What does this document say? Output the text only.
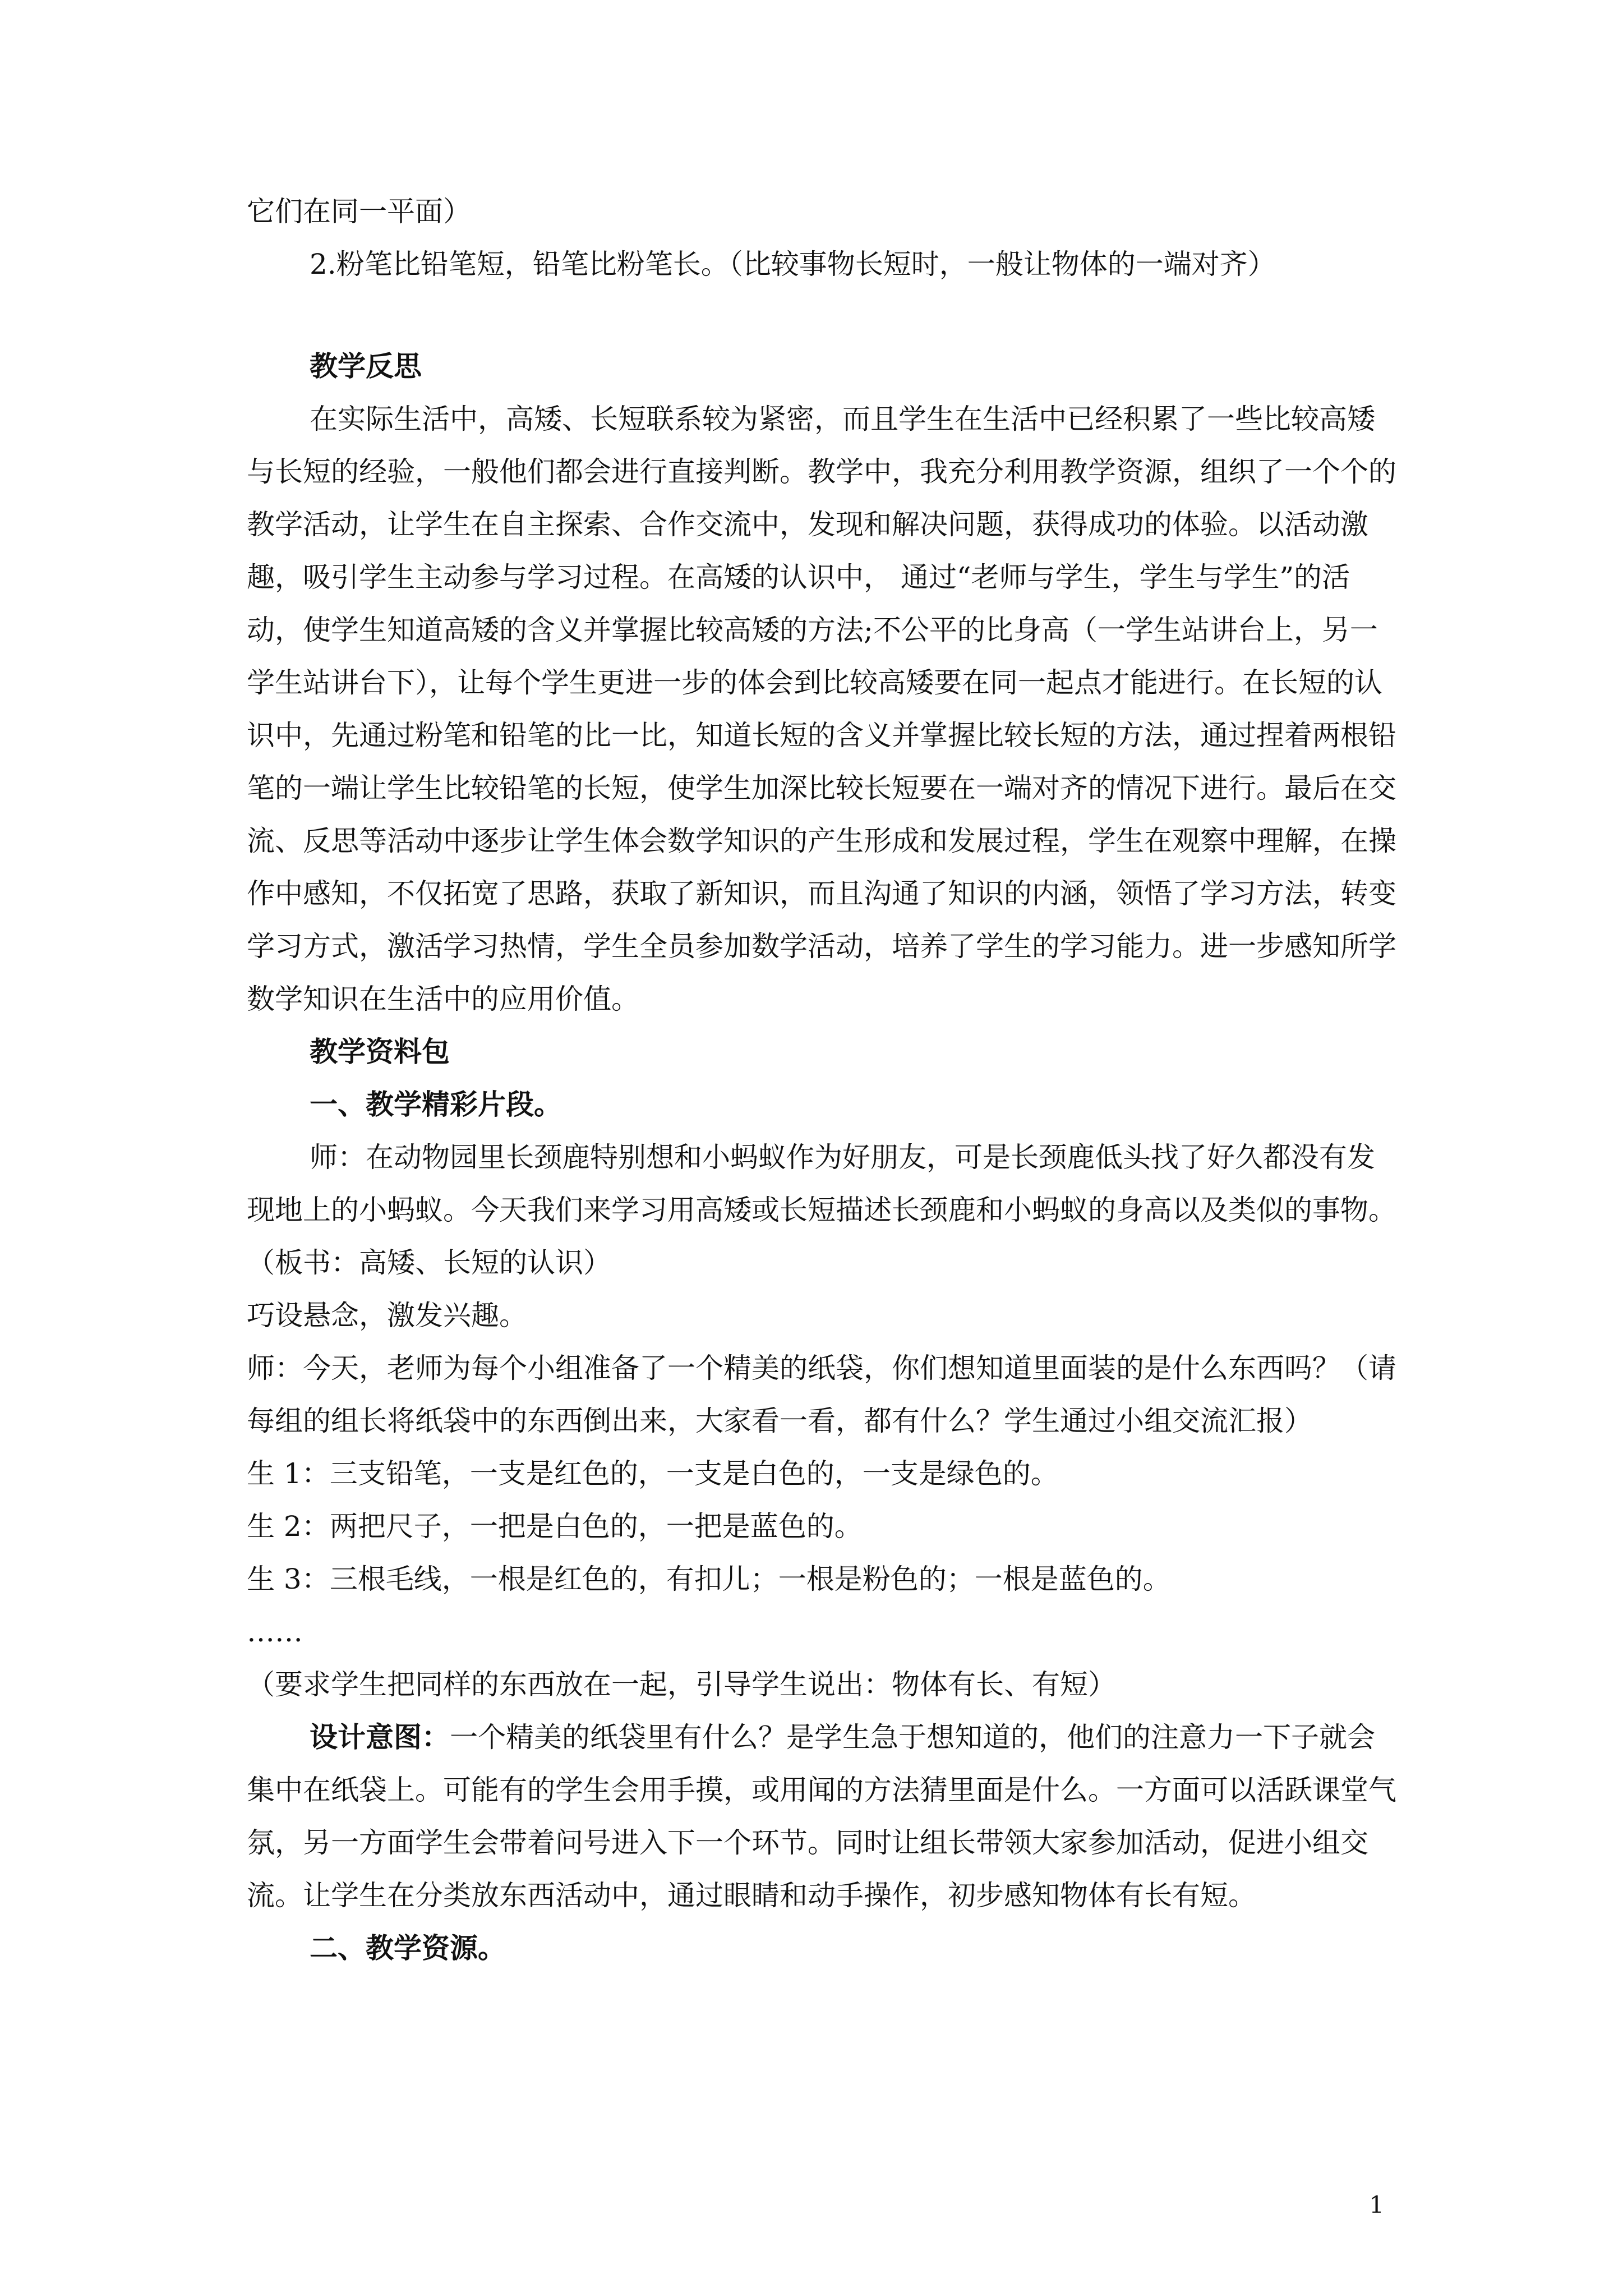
它们在同一平面）

2.粉笔比铅笔短，铅笔比粉笔长。（比较事物长短时，一般让物体的一端对齐）

教学反思

在实际生活中，高矮、长短联系较为紧密，而且学生在生活中已经积累了一些比较高矮与长短的经验，一般他们都会进行直接判断。教学中，我充分利用教学资源，组织了一个个的教学活动，让学生在自主探索、合作交流中，发现和解决问题，获得成功的体验。以活动激趣，吸引学生主动参与学习过程。在高矮的认识中， 通过“老师与学生，学生与学生”的活动，使学生知道高矮的含义并掌握比较高矮的方法;不公平的比身高（一学生站讲台上，另一学生站讲台下），让每个学生更进一步的体会到比较高矮要在同一起点才能进行。在长短的认识中，先通过粉笔和铅笔的比一比，知道长短的含义并掌握比较长短的方法，通过捏着两根铅笔的一端让学生比较铅笔的长短，使学生加深比较长短要在一端对齐的情况下进行。最后在交流、反思等活动中逐步让学生体会数学知识的产生形成和发展过程，学生在观察中理解，在操作中感知，不仅拓宽了思路，获取了新知识，而且沟通了知识的内涵，领悟了学习方法，转变学习方式，激活学习热情，学生全员参加数学活动，培养了学生的学习能力。进一步感知所学数学知识在生活中的应用价值。

教学资料包

一、教学精彩片段。

师：在动物园里长颈鹿特别想和小蚂蚁作为好朋友，可是长颈鹿低头找了好久都没有发现地上的小蚂蚁。今天我们来学习用高矮或长短描述长颈鹿和小蚂蚁的身高以及类似的事物。（板书：高矮、长短的认识）

巧设悬念，激发兴趣。

师：今天，老师为每个小组准备了一个精美的纸袋，你们想知道里面装的是什么东西吗？（请每组的组长将纸袋中的东西倒出来，大家看一看，都有什么？学生通过小组交流汇报）

生 1：三支铅笔，一支是红色的，一支是白色的，一支是绿色的。

生 2：两把尺子，一把是白色的，一把是蓝色的。

生 3：三根毛线，一根是红色的，有扣儿；一根是粉色的；一根是蓝色的。

……

（要求学生把同样的东西放在一起，引导学生说出：物体有长、有短）

设计意图：一个精美的纸袋里有什么？是学生急于想知道的，他们的注意力一下子就会集中在纸袋上。可能有的学生会用手摸，或用闻的方法猜里面是什么。一方面可以活跃课堂气氛，另一方面学生会带着问号进入下一个环节。同时让组长带领大家参加活动，促进小组交流。让学生在分类放东西活动中，通过眼睛和动手操作，初步感知物体有长有短。

二、教学资源。

1
